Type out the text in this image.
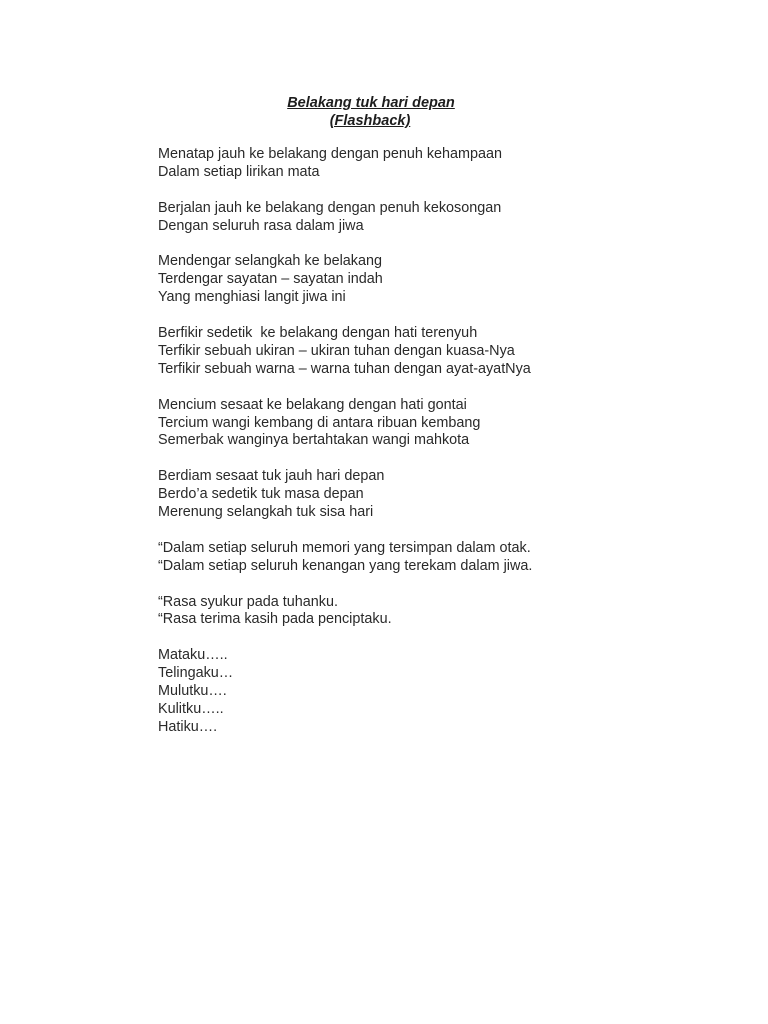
Belakang tuk hari depan
(Flashback)
Menatap jauh ke belakang dengan penuh kehampaan
Dalam setiap lirikan mata
Berjalan jauh ke belakang dengan penuh kekosongan
Dengan seluruh rasa dalam jiwa
Mendengar selangkah ke belakang
Terdengar sayatan – sayatan indah
Yang menghiasi langit jiwa ini
Berfikir sedetik  ke belakang dengan hati terenyuh
Terfikir sebuah ukiran – ukiran tuhan dengan kuasa-Nya
Terfikir sebuah warna – warna tuhan dengan ayat-ayatNya
Mencium sesaat ke belakang dengan hati gontai
Tercium wangi kembang di antara ribuan kembang
Semerbak wanginya bertahtakan wangi mahkota
Berdiam sesaat tuk jauh hari depan
Berdo’a sedetik tuk masa depan
Merenung selangkah tuk sisa hari
“Dalam setiap seluruh memori yang tersimpan dalam otak.
“Dalam setiap seluruh kenangan yang terekam dalam jiwa.
“Rasa syukur pada tuhanku.
“Rasa terima kasih pada penciptaku.
Mataku…..
Telingaku…
Mulutku….
Kulitku…..
Hatiku….
